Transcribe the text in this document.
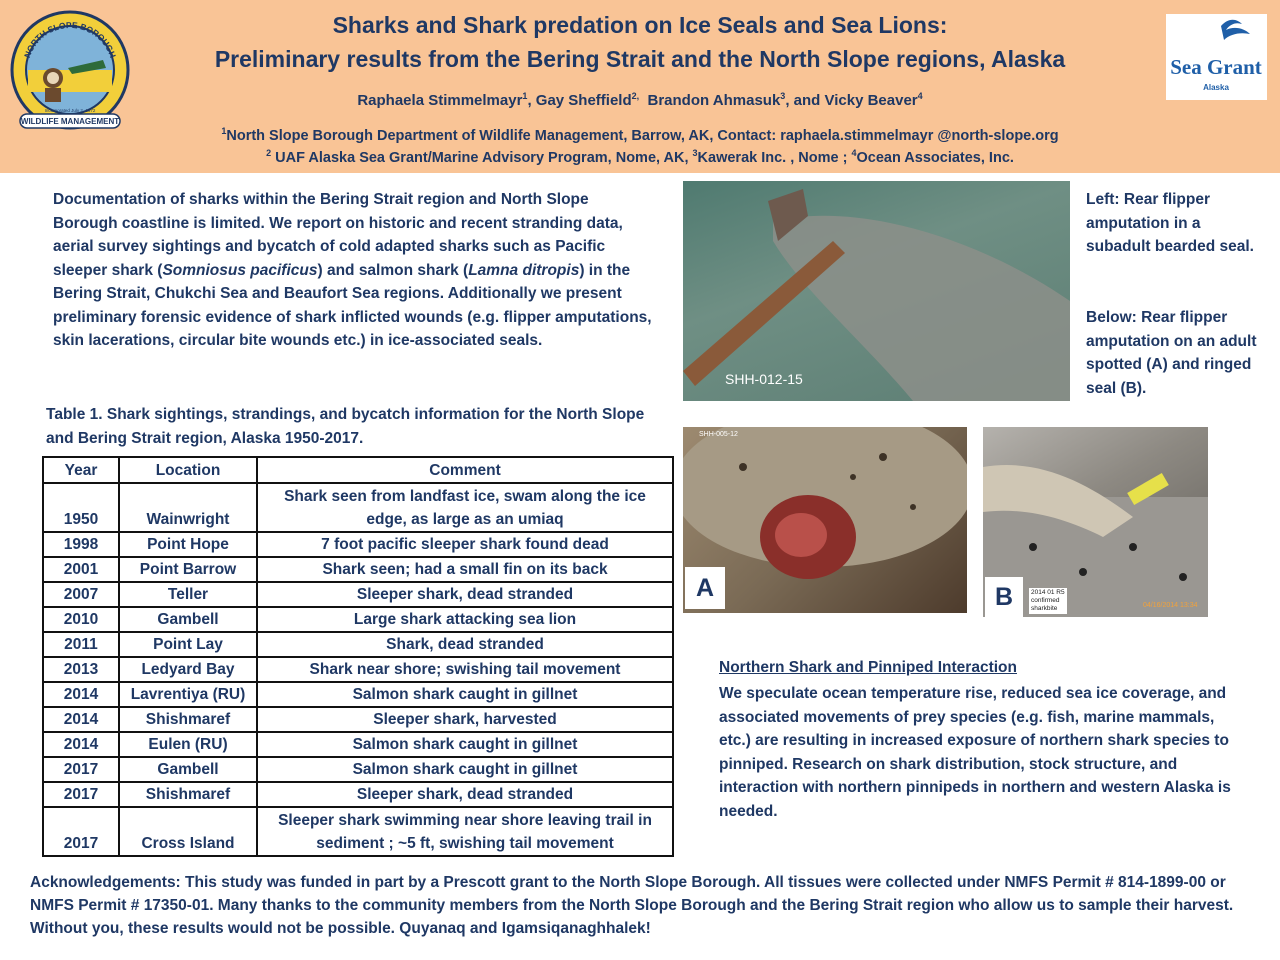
NORTH SLOPE BOROUGH
Incorporated July 2, 1972
WILDLIFE MANAGEMENT
Sharks and Shark predation on Ice Seals and Sea Lions:
Preliminary results from the Bering Strait and the North Slope regions, Alaska
Raphaela Stimmelmayr$^1$, Gay Sheffield$^{2,}$ Brandon Ahmasuk$^3$, and Vicky Beaver$^4$
$^1$North Slope Borough Department of Wildlife Management, Barrow, AK, Contact: raphaela.stimmelmayr @north-slope.org
$^2$ UAF Alaska Sea Grant/Marine Advisory Program, Nome, AK, $^3$Kawerak Inc. , Nome ; $^4$Ocean Associates, Inc.
Sea Grant
Alaska
Documentation of sharks within the Bering Strait region and North Slope Borough coastline is limited. We report on historic and recent stranding data, aerial survey sightings and bycatch of cold adapted sharks such as Pacific sleeper shark (Somniosus pacificus) and salmon shark (Lamna ditropis) in the Bering Strait, Chukchi Sea and Beaufort Sea regions. Additionally we present preliminary forensic evidence of shark inflicted wounds (e.g. flipper amputations, skin lacerations, circular bite wounds etc.) in ice-associated seals.
Table 1. Shark sightings, strandings, and bycatch information for the North Slope and Bering Strait region, Alaska 1950-2017.
Year	Location	Comment
1950	Wainwright	Shark seen from landfast ice, swam along the ice edge, as large as an umiaq
1998	Point Hope	7 foot pacific sleeper shark found dead
2001	Point Barrow	Shark seen; had a small fin on its back
2007	Teller	Sleeper shark, dead stranded
2010	Gambell	Large shark attacking sea lion
2011	Point Lay	Shark, dead stranded
2013	Ledyard Bay	Shark near shore; swishing tail movement
2014	Lavrentiya (RU)	Salmon shark caught in gillnet
2014	Shishmaref	Sleeper shark, harvested
2014	Eulen (RU)	Salmon shark caught in gillnet
2017	Gambell	Salmon shark caught in gillnet
2017	Shishmaref	Sleeper shark, dead stranded
2017	Cross Island	Sleeper shark swimming near shore leaving trail in sediment ; ~5 ft, swishing tail movement
SHH-012-15
SHH-005-12
A	2014 01 R5
confirmed
sharkbite	04/16/2014 13:34
B
Left: Rear flipper amputation in a subadult bearded seal.
Below: Rear flipper amputation on an adult spotted (A) and ringed seal (B).
Northern Shark and Pinniped Interaction
We speculate ocean temperature rise, reduced sea ice coverage, and associated movements of prey species (e.g. fish, marine mammals, etc.) are resulting in increased exposure of northern shark species to pinniped. Research on shark distribution, stock structure, and interaction with northern pinnipeds in northern and western Alaska is needed.
Acknowledgements: This study was funded in part by a Prescott grant to the North Slope Borough. All tissues were collected under NMFS Permit # 814-1899-00 or NMFS Permit # 17350-01. Many thanks to the community members from the North Slope Borough and the Bering Strait region who allow us to sample their harvest. Without you, these results would not be possible. Quyanaq and Igamsiqanaghhalek!
